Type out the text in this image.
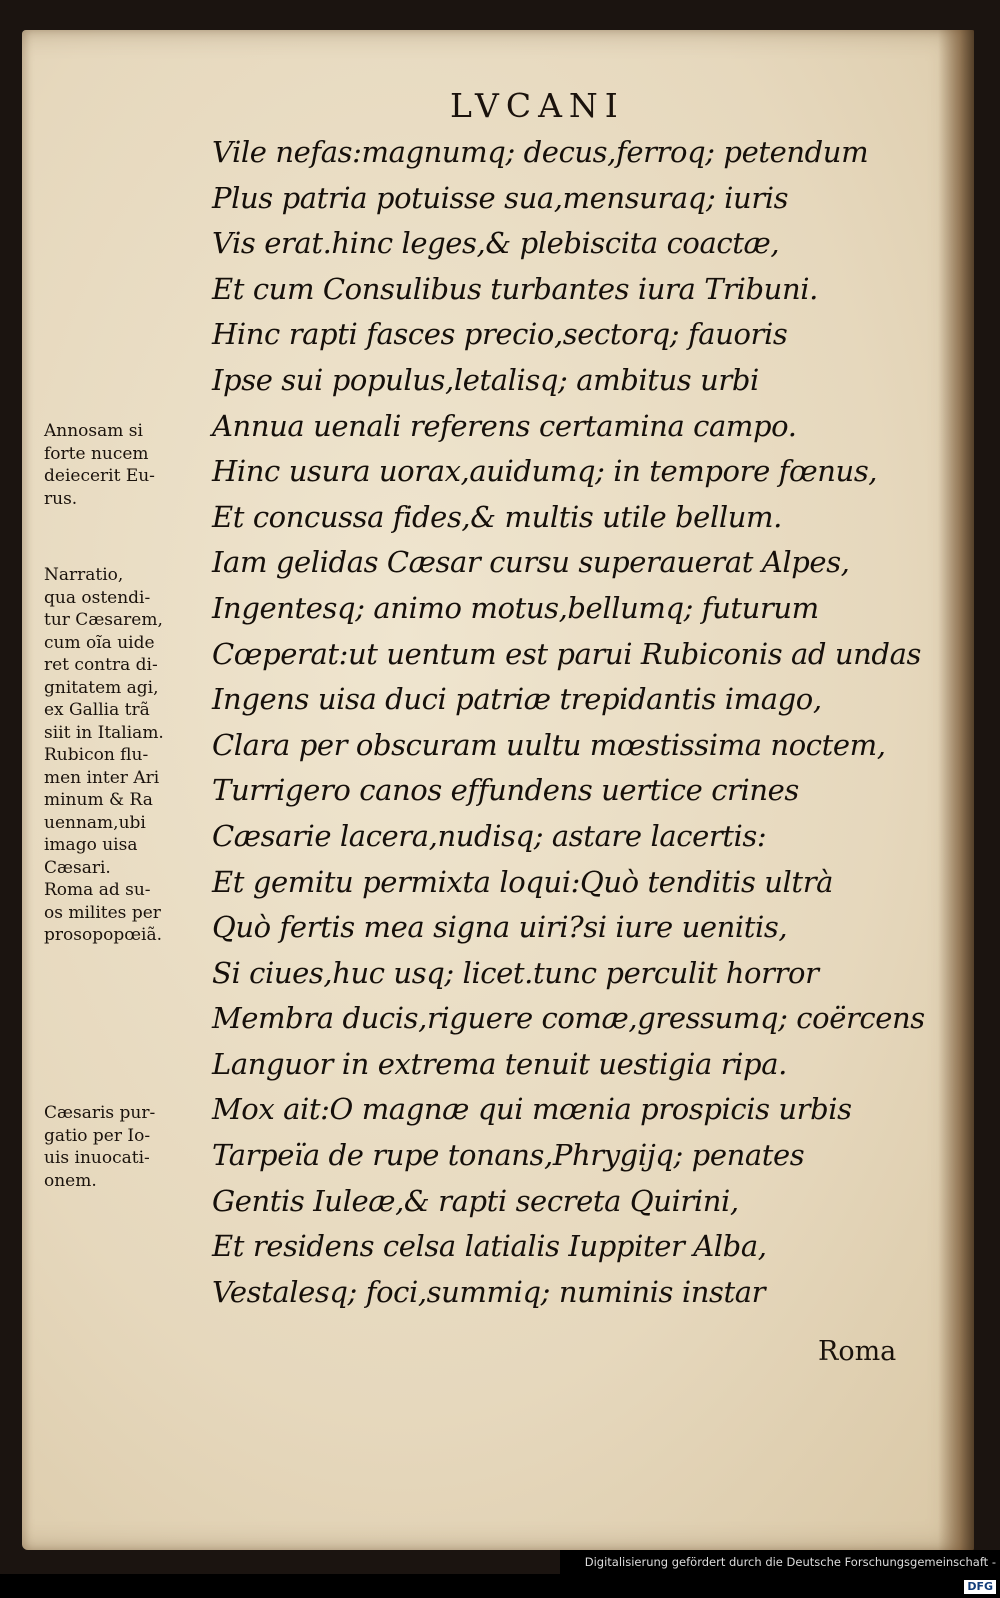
LVCANI
Vile nefas:magnumq; decus,ferroq; petendum
Plus patria potuisse sua,mensuraq; iuris
Vis erat.hinc leges,& plebiscita coactæ,
Et cum Consulibus turbantes iura Tribuni.
Hinc rapti fasces precio,sectorq; fauoris
Ipse sui populus,letalisq; ambitus urbi
Annua uenali referens certamina campo.
Hinc usura uorax,auidumq; in tempore fœnus,
Et concussa fides,& multis utile bellum.
Iam gelidas Cæsar cursu superauerat Alpes,
Ingentesq; animo motus,bellumq; futurum
Cœperat:ut uentum est parui Rubiconis ad undas
Ingens uisa duci patriæ trepidantis imago,
Clara per obscuram uultu mœstissima noctem,
Turrigero canos effundens uertice crines
Cæsarie lacera,nudisq; astare lacertis:
Et gemitu permixta loqui:Quò tenditis ultrà
Quò fertis mea signa uiri?si iure uenitis,
Si ciues,huc usq; licet.tunc perculit horror
Membra ducis,riguere comæ,gressumq; coërcens
Languor in extrema tenuit uestigia ripa.
Mox ait:O magnæ qui mœnia prospicis urbis
Tarpeïa de rupe tonans,Phrygijq; penates
Gentis Iuleæ,& rapti secreta Quirini,
Et residens celsa latialis Iuppiter Alba,
Vestalesq; foci,summiq; numinis instar
Annosam si
forte nucem
deiecerit Eu-
rus.
Narratio,
qua ostendi-
tur Cæsarem,
cum oĩa uide
ret contra di-
gnitatem agi,
ex Gallia trã
siit in Italiam.
Rubicon flu-
men inter Ari
minum & Ra
uennam,ubi
imago uisa
Cæsari.
Roma ad su-
os milites per
prosopopœiã.
Cæsaris pur-
gatio per Io-
uis inuocati-
onem.
Roma
Digitalisierung gefördert durch die Deutsche Forschungsgemeinschaft -DFG
